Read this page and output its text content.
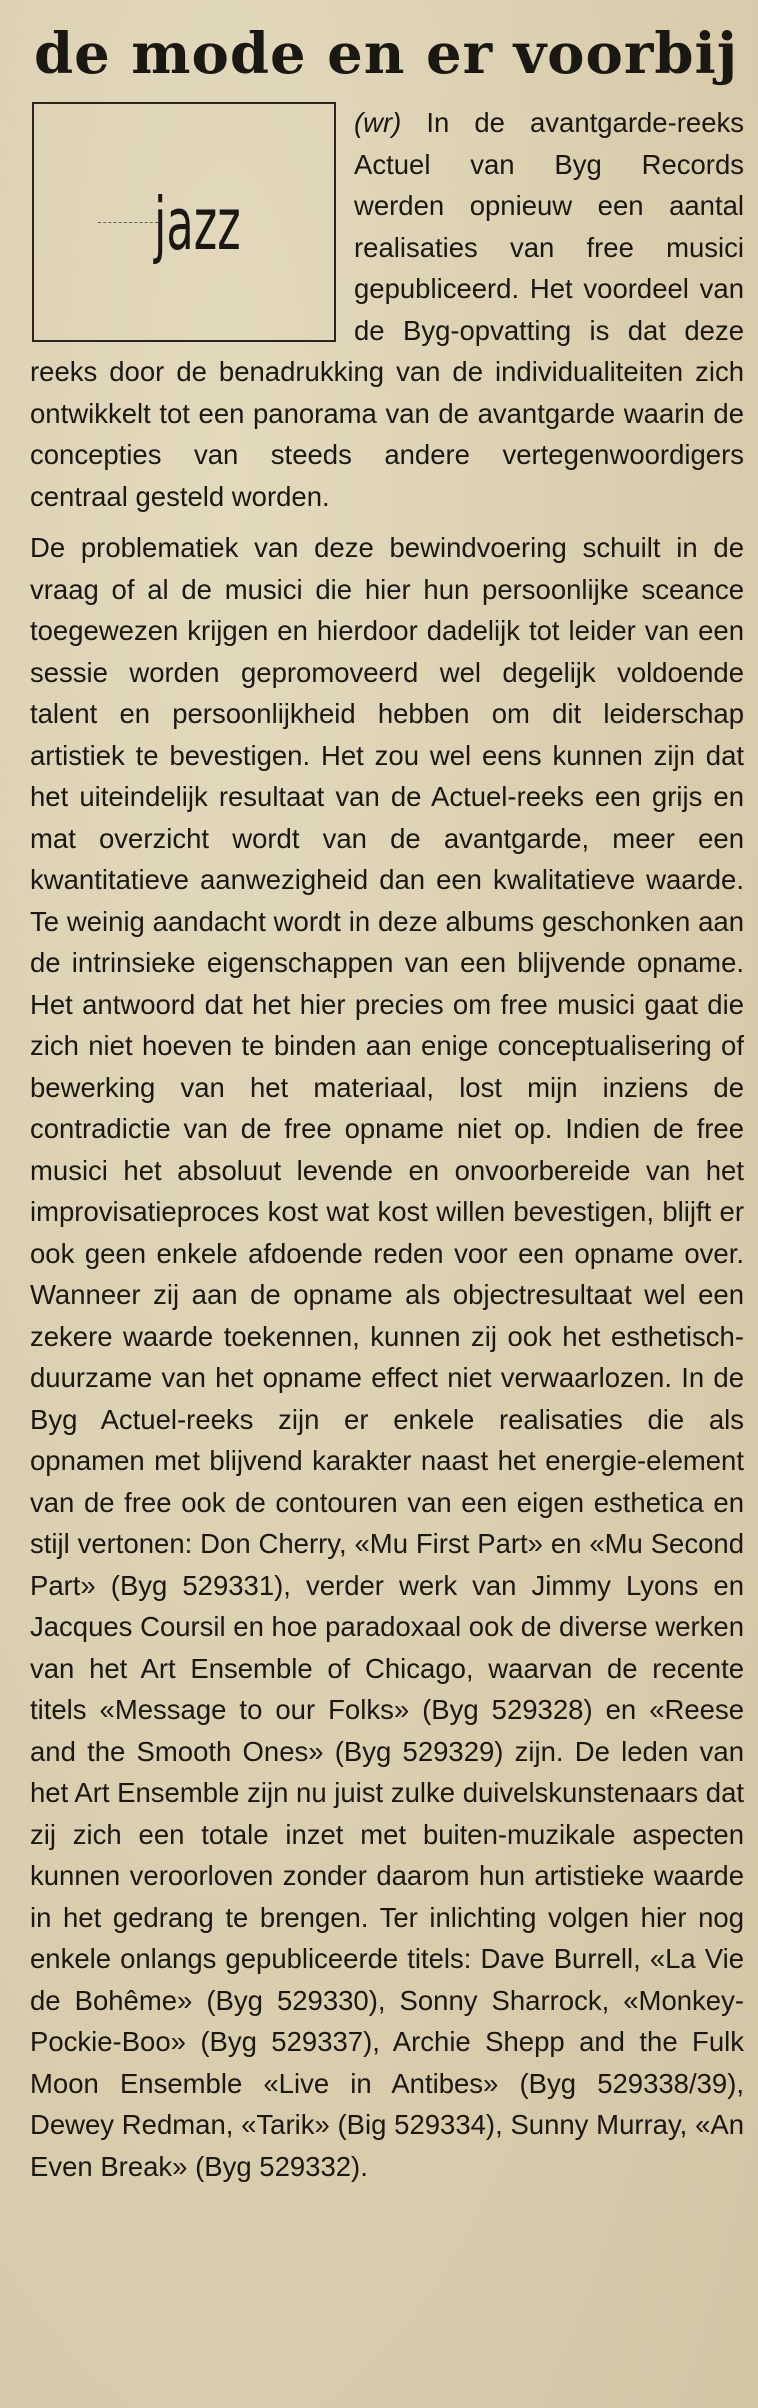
de mode en er voorbij
jazz

(wr) In de avantgarde-reeks Actuel van Byg Records werden opnieuw een aantal realisaties van free musici gepubliceerd. Het voordeel van de Byg-opvatting is dat deze reeks door de benadrukking van de individualiteiten zich ontwikkelt tot een panorama van de avantgarde waarin de concepties van steeds andere vertegenwoordigers centraal gesteld worden.

De problematiek van deze bewindvoering schuilt in de vraag of al de musici die hier hun persoonlijke sceance toegewezen krijgen en hierdoor dadelijk tot leider van een sessie worden gepromoveerd wel degelijk voldoende talent en persoonlijkheid hebben om dit leiderschap artistiek te bevestigen. Het zou wel eens kunnen zijn dat het uiteindelijk resultaat van de Actuel-reeks een grijs en mat overzicht wordt van de avantgarde, meer een kwantitatieve aanwezigheid dan een kwalitatieve waarde. Te weinig aandacht wordt in deze albums geschonken aan de intrinsieke eigenschappen van een blijvende opname. Het antwoord dat het hier precies om free musici gaat die zich niet hoeven te binden aan enige conceptualisering of bewerking van het materiaal, lost mijn inziens de contradictie van de free opname niet op. Indien de free musici het absoluut levende en onvoorbereide van het improvisatieproces kost wat kost willen bevestigen, blijft er ook geen enkele afdoende reden voor een opname over. Wanneer zij aan de opname als objectresultaat wel een zekere waarde toekennen, kunnen zij ook het esthetisch-duurzame van het opname effect niet verwaarlozen. In de Byg Actuel-reeks zijn er enkele realisaties die als opnamen met blijvend karakter naast het energie-element van de free ook de contouren van een eigen esthetica en stijl vertonen: Don Cherry, «Mu First Part» en «Mu Second Part» (Byg 529331), verder werk van Jimmy Lyons en Jacques Coursil en hoe paradoxaal ook de diverse werken van het Art Ensemble of Chicago, waarvan de recente titels «Message to our Folks» (Byg 529328) en «Reese and the Smooth Ones» (Byg 529329) zijn. De leden van het Art Ensemble zijn nu juist zulke duivelskunstenaars dat zij zich een totale inzet met buiten-muzikale aspecten kunnen veroorloven zonder daarom hun artistieke waarde in het gedrang te brengen. Ter inlichting volgen hier nog enkele onlangs gepubliceerde titels: Dave Burrell, «La Vie de Bohême» (Byg 529330), Sonny Sharrock, «Monkey-Pockie-Boo» (Byg 529337), Archie Shepp and the Fulk Moon Ensemble «Live in Antibes» (Byg 529338/39), Dewey Redman, «Tarik» (Big 529334), Sunny Murray, «An Even Break» (Byg 529332).
